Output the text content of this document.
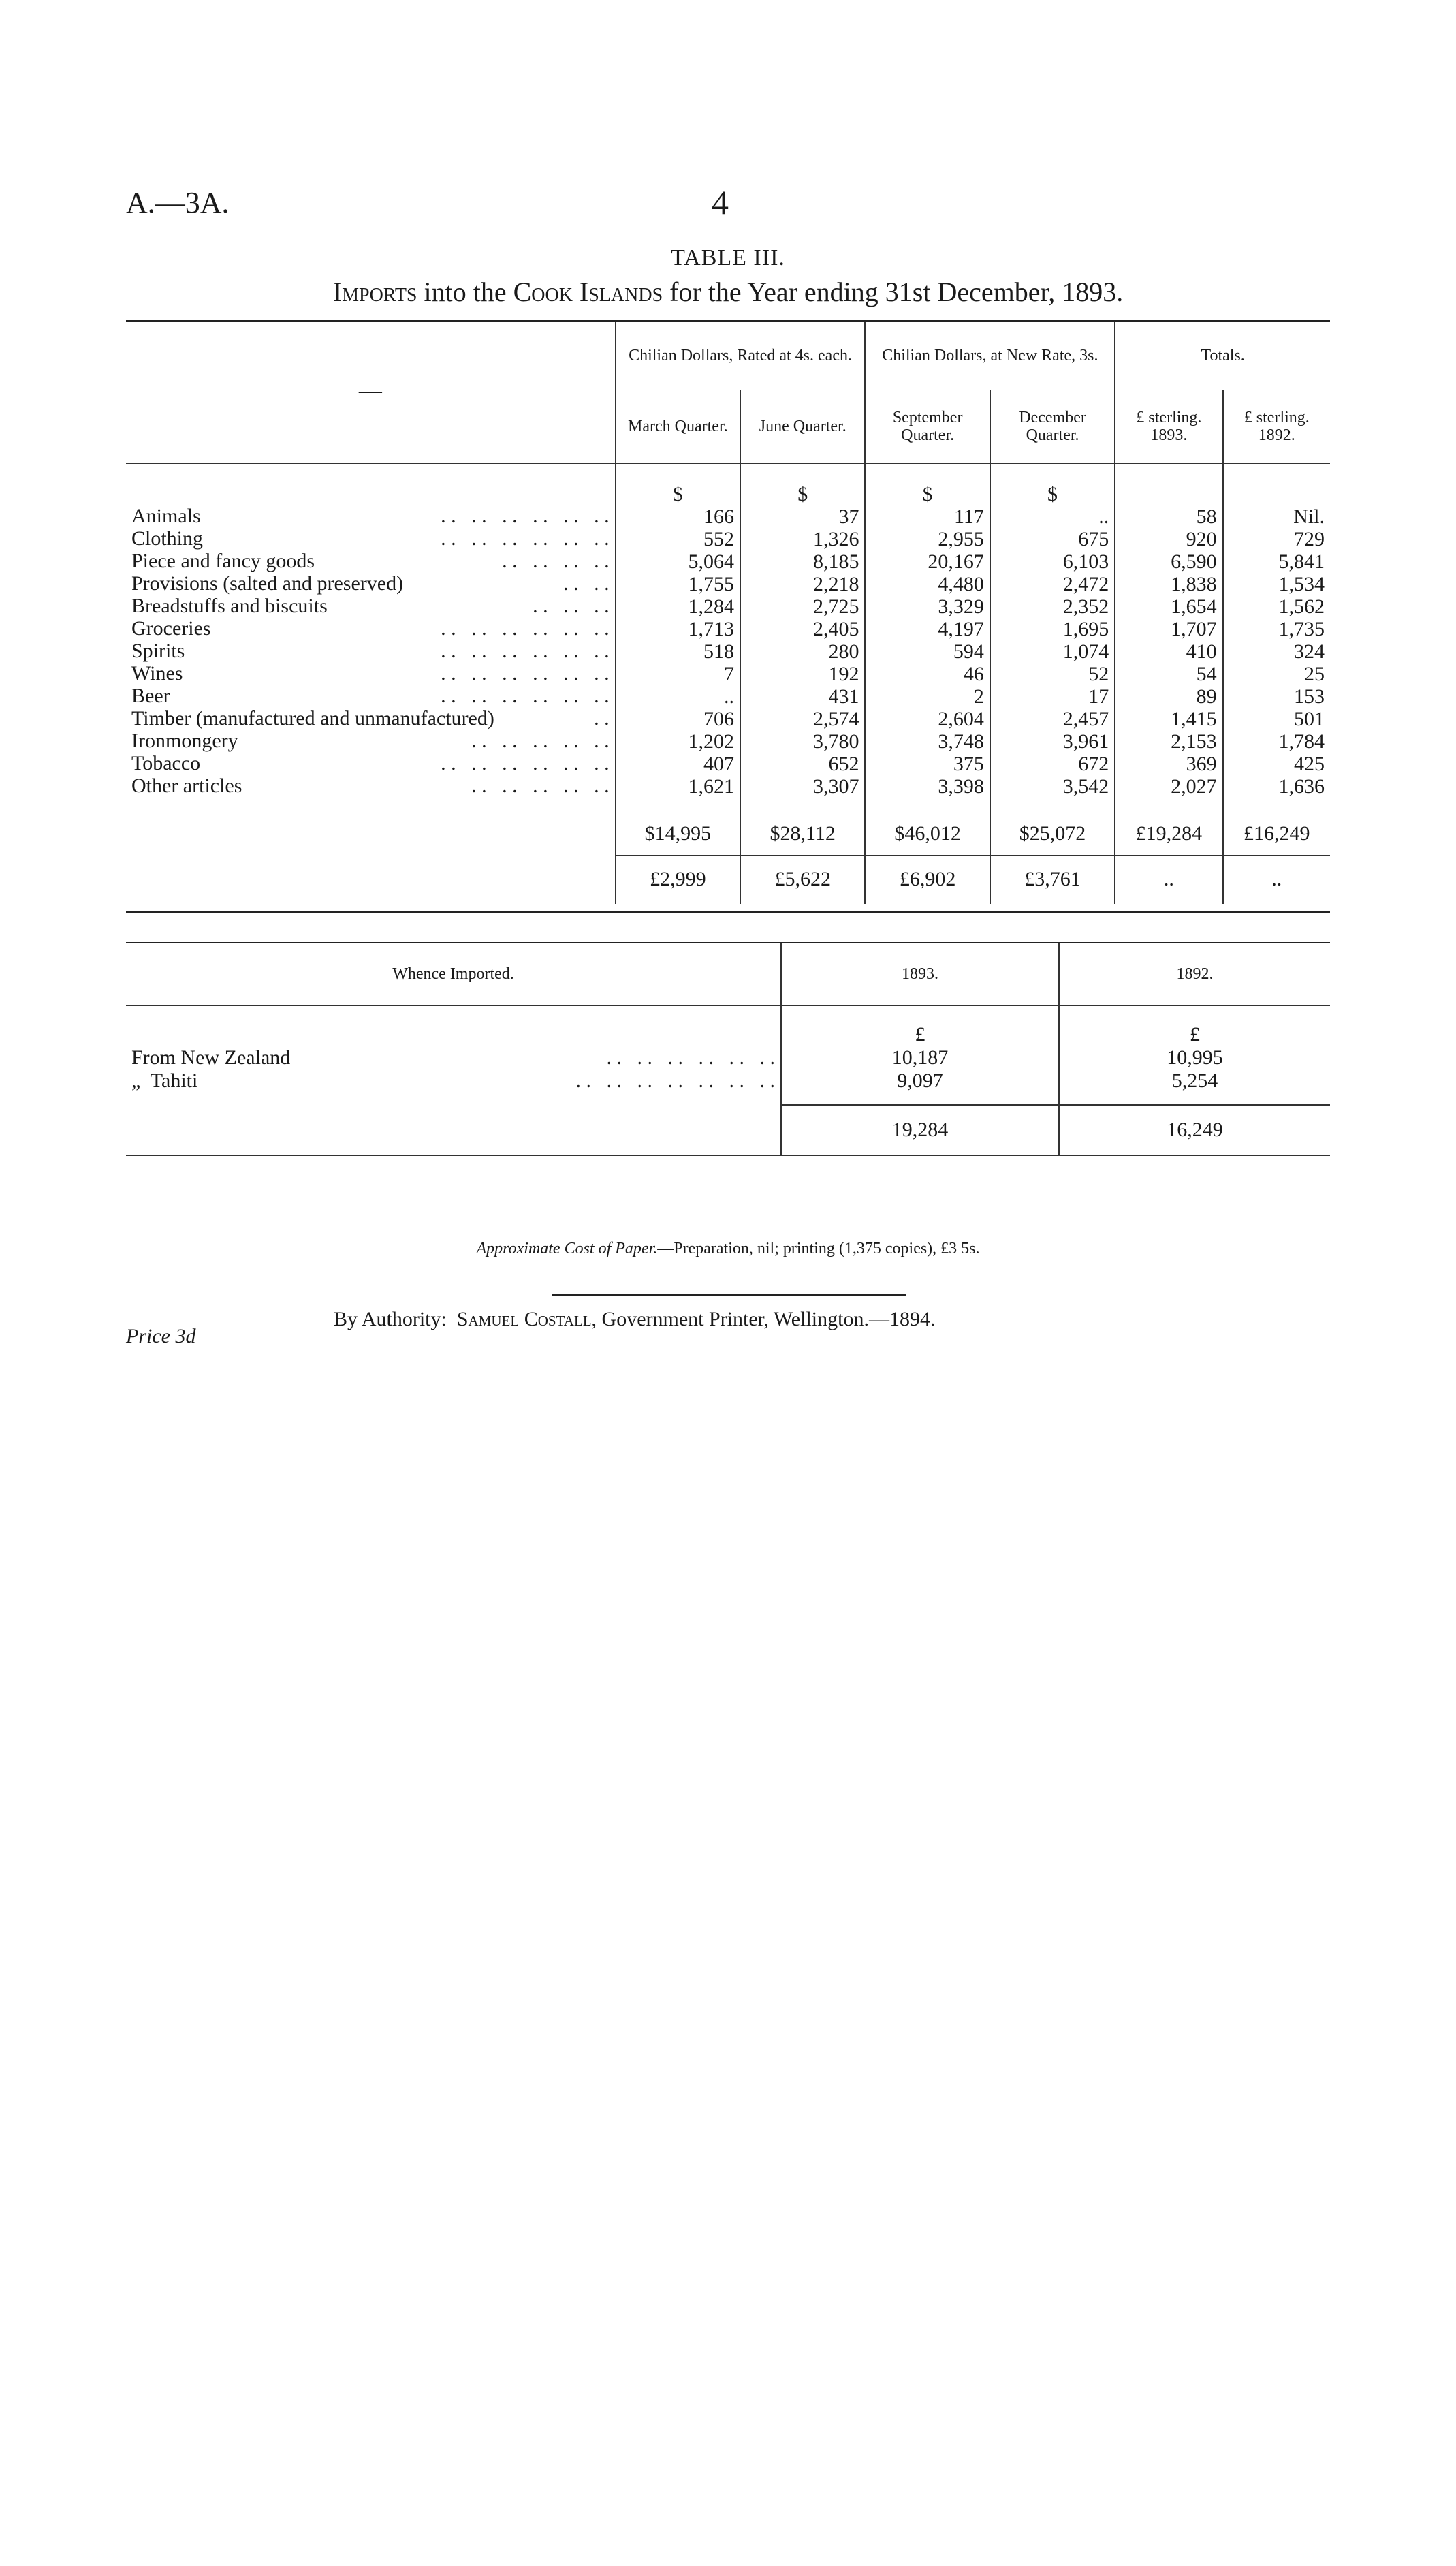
A.—3A.	4
TABLE III.
Imports into the Cook Islands for the Year ending 31st December, 1893.
—	Chilian Dollars, Rated at 4s. each.		Chilian Dollars, at New Rate, 3s.		Totals.	
	March Quarter.	June Quarter.	September Quarter.	December Quarter.	£ sterling. 1893.	£ sterling. 1892.
	$	$	$	$		

Animals	. .   . .   . .   . .   . .   . .	166	37	117	..	58	Nil.

Clothing	. .   . .   . .   . .   . .   . .	552	1,326	2,955	675	920	729

Piece and fancy goods	. .   . .   . .   . .	5,064	8,185	20,167	6,103	6,590	5,841

Provisions (salted and preserved)	. .   . .	1,755	2,218	4,480	2,472	1,838	1,534

Breadstuffs and biscuits	. .   . .   . .	1,284	2,725	3,329	2,352	1,654	1,562

Groceries	. .   . .   . .   . .   . .   . .	1,713	2,405	4,197	1,695	1,707	1,735

Spirits	. .   . .   . .   . .   . .   . .	518	280	594	1,074	410	324

Wines	. .   . .   . .   . .   . .   . .	7	192	46	52	54	25

Beer	. .   . .   . .   . .   . .   . .	..	431	2	17	89	153

Timber (manufactured and unmanufactured)	. .	706	2,574	2,604	2,457	1,415	501

Ironmongery	. .   . .   . .   . .   . .	1,202	3,780	3,748	3,961	2,153	1,784

Tobacco	. .   . .   . .   . .   . .   . .	407	652	375	672	369	425

Other articles	. .   . .   . .   . .   . .	1,621	3,307	3,398	3,542	2,027	1,636

	$14,995	$28,112	$46,012	$25,072	£19,284	£16,249
	£2,999	£5,622	£6,902	£3,761	..	..
Whence Imported.	1893.	1892.
	£	£

From New Zealand	. .   . .   . .   . .   . .   . .	10,187	10,995

„  Tahiti	. .   . .   . .   . .   . .   . .   . .	9,097	5,254

	19,284	16,249
Approximate Cost of Paper.—Preparation, nil; printing (1,375 copies), £3 5s.
By Authority:  Samuel Costall, Government Printer, Wellington.—1894.
Price 3d
